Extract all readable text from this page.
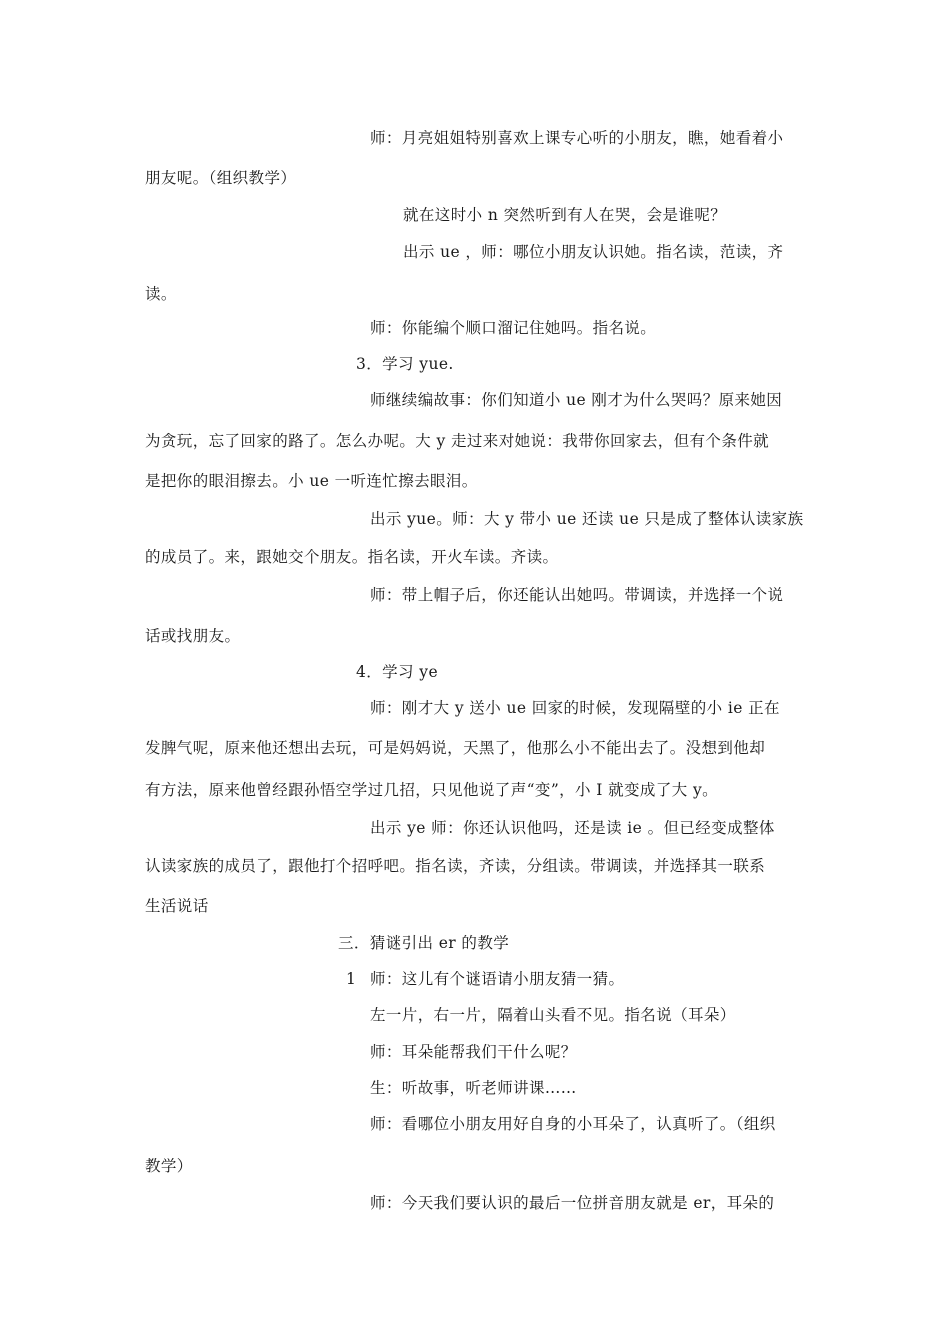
师：月亮姐姐特别喜欢上课专心听的小朋友，瞧，她看着小
朋友呢。（组织教学）
就在这时小 n 突然听到有人在哭，会是谁呢？
出示 ue ，师：哪位小朋友认识她。指名读，范读，齐
读。
师：你能编个顺口溜记住她吗。指名说。
3．学习 yue.
师继续编故事：你们知道小 ue 刚才为什么哭吗？原来她因
为贪玩，忘了回家的路了。怎么办呢。大 y 走过来对她说：我带你回家去，但有个条件就
是把你的眼泪擦去。小 ue 一听连忙擦去眼泪。
出示 yue。师：大 y 带小 ue 还读 ue 只是成了整体认读家族
的成员了。来，跟她交个朋友。指名读，开火车读。齐读。
师：带上帽子后，你还能认出她吗。带调读，并选择一个说
话或找朋友。
4．学习 ye
师：刚才大 y 送小 ue 回家的时候，发现隔壁的小 ie 正在
发脾气呢，原来他还想出去玩，可是妈妈说，天黑了，他那么小不能出去了。没想到他却
有方法，原来他曾经跟孙悟空学过几招，只见他说了声“变”，小 I 就变成了大 y。
出示 ye 师：你还认识他吗，还是读 ie 。但已经变成整体
认读家族的成员了，跟他打个招呼吧。指名读，齐读，分组读。带调读，并选择其一联系
生活说话
三．猜谜引出 er 的教学
1 师：这儿有个谜语请小朋友猜一猜。
左一片，右一片，隔着山头看不见。指名说（耳朵）
师：耳朵能帮我们干什么呢？
生：听故事，听老师讲课……
师：看哪位小朋友用好自身的小耳朵了，认真听了。（组织
教学）
师：今天我们要认识的最后一位拼音朋友就是 er，耳朵的
